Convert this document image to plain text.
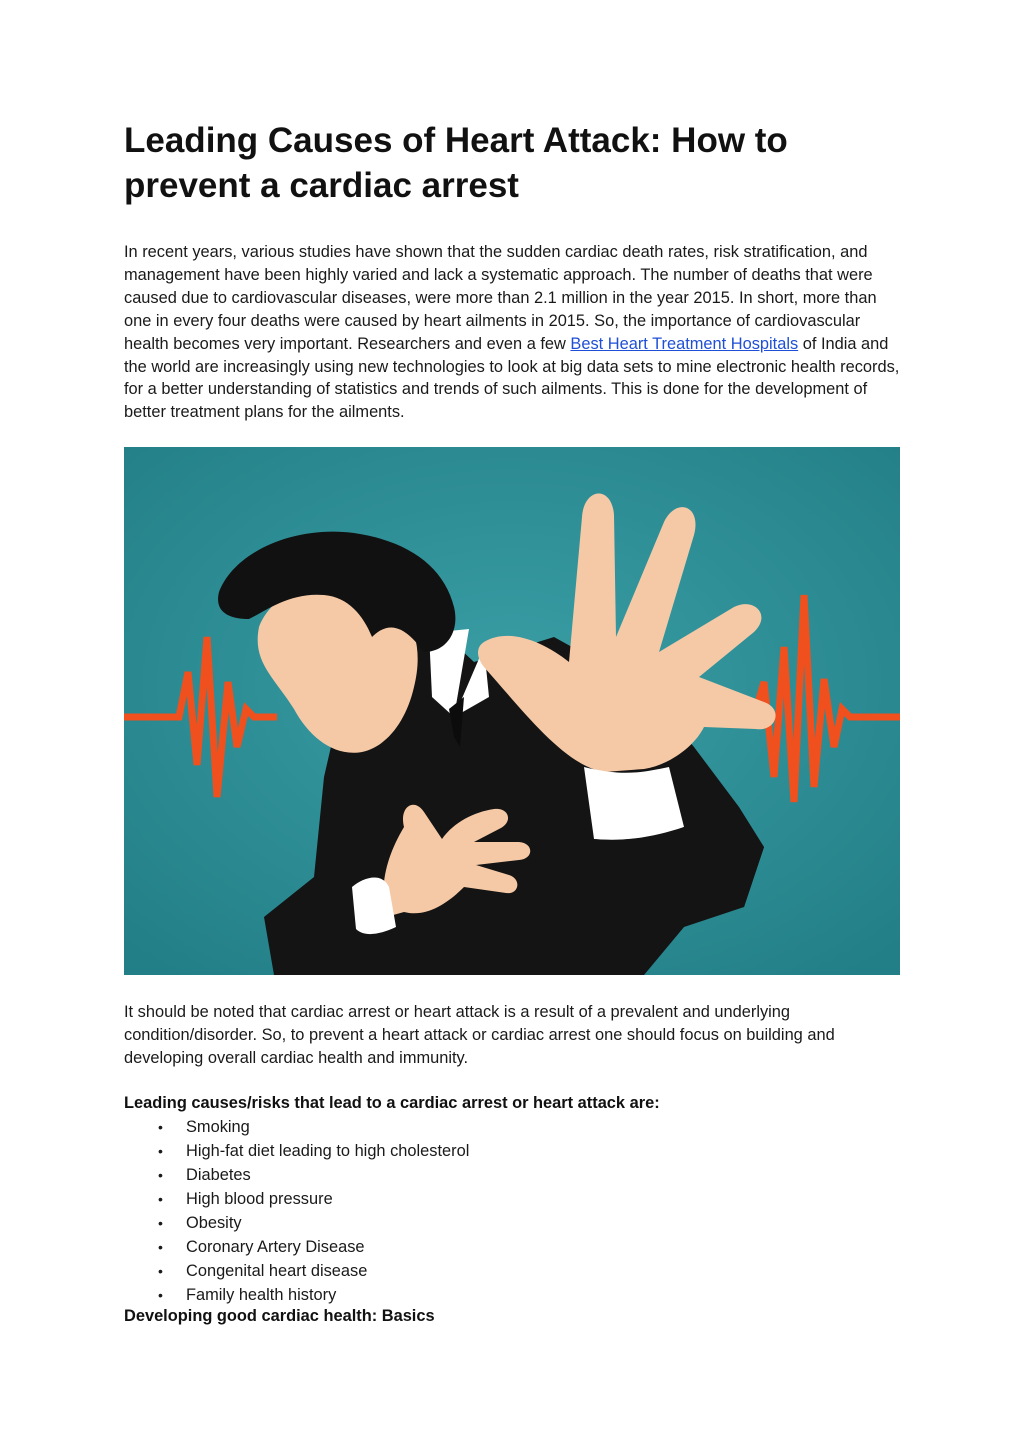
Leading Causes of Heart Attack: How to prevent a cardiac arrest

In recent years, various studies have shown that the sudden cardiac death rates, risk stratification, and management have been highly varied and lack a systematic approach. The number of deaths that were caused due to cardiovascular diseases, were more than 2.1 million in the year 2015. In short, more than one in every four deaths were caused by heart ailments in 2015. So, the importance of cardiovascular health becomes very important. Researchers and even a few Best Heart Treatment Hospitals of India and the world are increasingly using new technologies to look at big data sets to mine electronic health records, for a better understanding of statistics and trends of such ailments. This is done for the development of better treatment plans for the ailments.

It should be noted that cardiac arrest or heart attack is a result of a prevalent and underlying condition/disorder. So, to prevent a heart attack or cardiac arrest one should focus on building and developing overall cardiac health and immunity.

Leading causes/risks that lead to a cardiac arrest or heart attack are:

• Smoking
• High-fat diet leading to high cholesterol
• Diabetes
• High blood pressure
• Obesity
• Coronary Artery Disease
• Congenital heart disease
• Family health history

Developing good cardiac health: Basics
